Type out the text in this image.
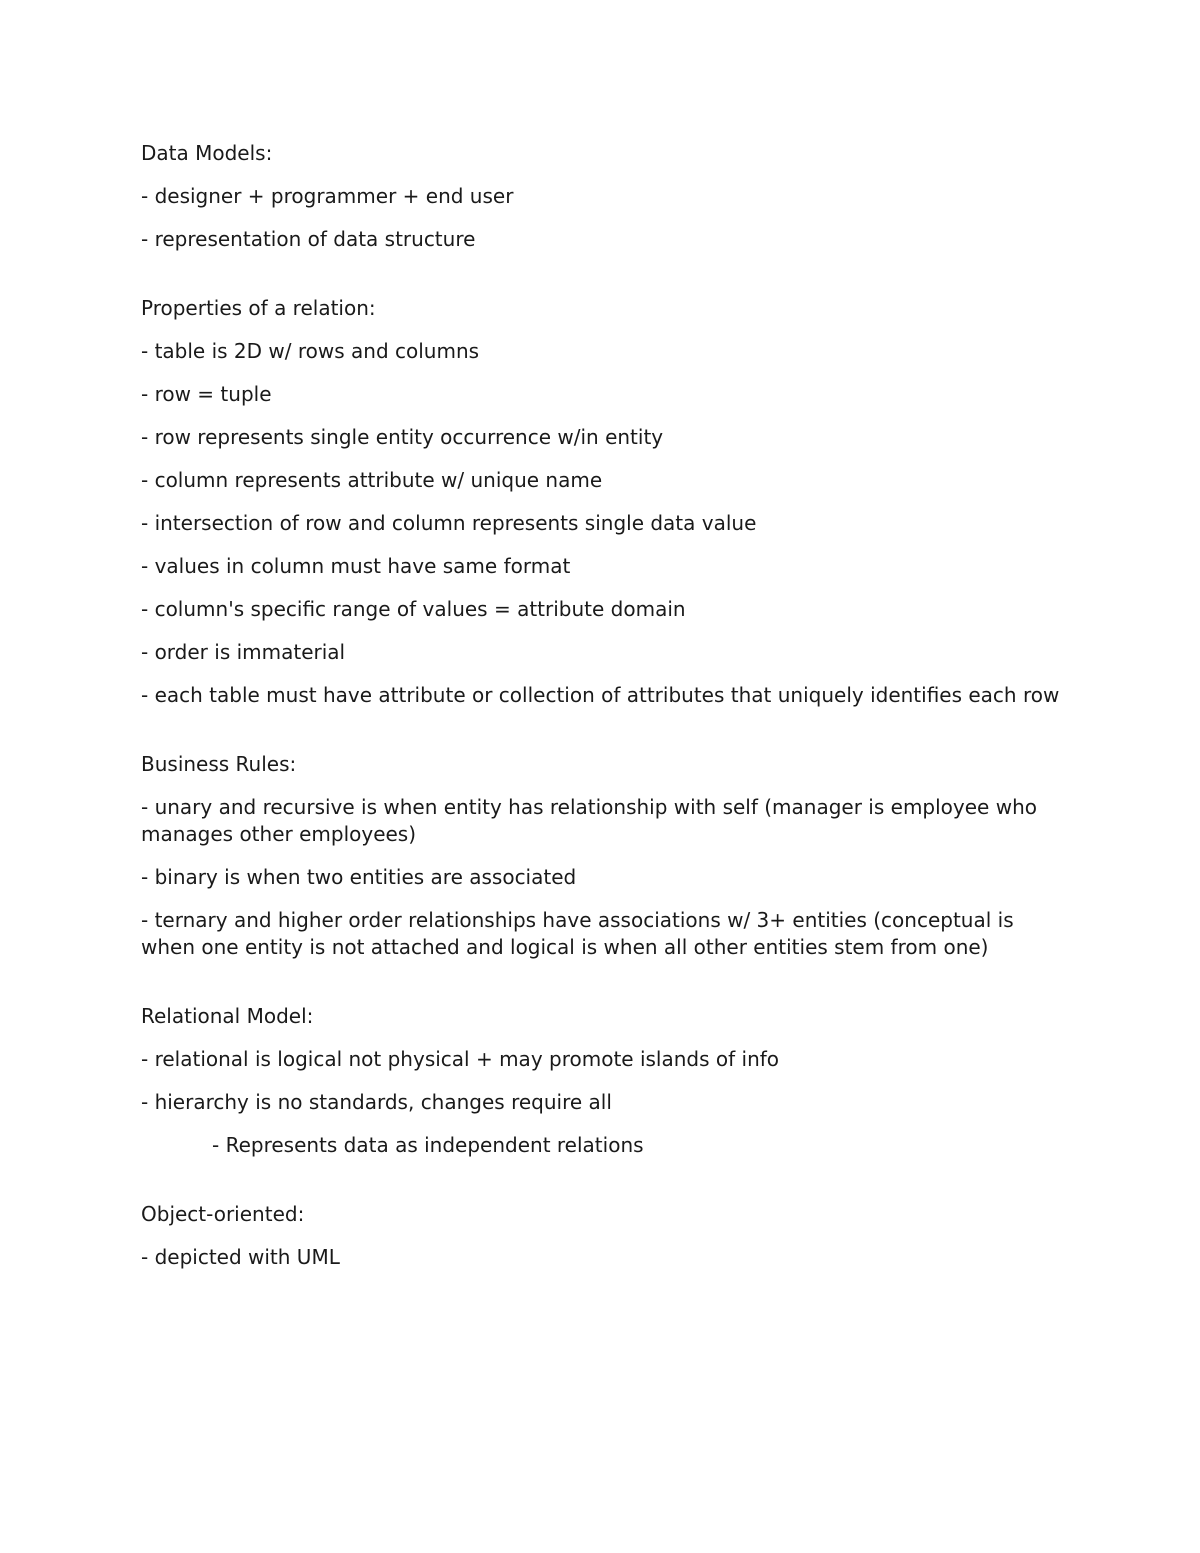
Data Models:

- designer + programmer + end user

- representation of data structure

Properties of a relation:

- table is 2D w/ rows and columns

- row = tuple

- row represents single entity occurrence w/in entity

- column represents attribute w/ unique name

- intersection of row and column represents single data value

- values in column must have same format

- column's specific range of values = attribute domain

- order is immaterial

- each table must have attribute or collection of attributes that uniquely identifies each row

Business Rules:

- unary and recursive is when entity has relationship with self (manager is employee who manages other employees)

- binary is when two entities are associated

- ternary and higher order relationships have associations w/ 3+ entities (conceptual is when one entity is not attached and logical is when all other entities stem from one)

Relational Model:

- relational is logical not physical + may promote islands of info

- hierarchy is no standards, changes require all

- Represents data as independent relations

Object-oriented:

- depicted with UML
